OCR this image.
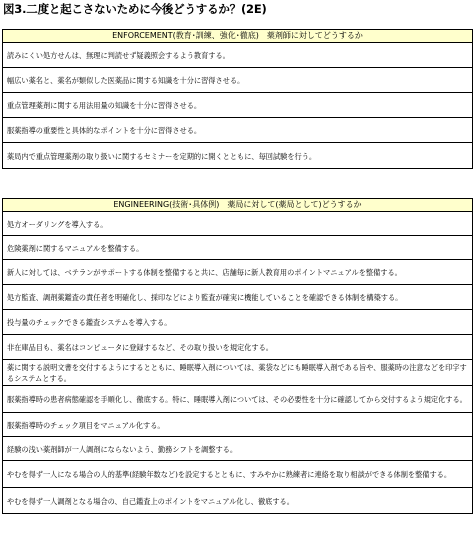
図3.二度と起こさないために今後どうするか？(2E)
ENFORCEMENT(教育･訓練、強化･徹底)　薬剤師に対してどうするか
読みにくい処方せんは、無理に判読せず疑義照会するよう教育する。
幅広い薬名と、薬名が類似した医薬品に関する知識を十分に習得させる。
重点管理薬剤に関する用法用量の知識を十分に習得させる。
服薬指導の重要性と具体的なポイントを十分に習得させる。
薬局内で重点管理薬剤の取り扱いに関するセミナーを定期的に開くとともに、毎回試験を行う。
ENGINEERING(技術･具体例)　薬局に対して(薬局として)どうするか
処方オーダリングを導入する。
危険薬剤に関するマニュアルを整備する。
新人に対しては、ベテランがサポートする体制を整備すると共に、店舗毎に新人教育用のポイントマニュアルを整備する。
処方監査、調剤薬鑑査の責任者を明確化し、採印などにより監査が確実に機能していることを確認できる体制を構築する。
投与量のチェックできる鑑査システムを導入する。
非在庫品目も、薬名はコンピュータに登録するなど、その取り扱いを規定化する。
薬に関する説明文書を交付するようにするとともに、睡眠導入剤については、薬袋などにも睡眠導入剤である旨や、服薬時の注意などを印字するシステムとする。
服薬指導時の患者病態確認を手順化し、徹底する。特に、睡眠導入剤については、その必要性を十分に確認してから交付するよう規定化する。
服薬指導時のチェック項目をマニュアル化する。
経験の浅い薬剤師が一人調剤にならないよう、勤務シフトを調整する。
やむを得ず一人になる場合の人的基準(経験年数など)を設定するとともに、すみやかに熟練者に連絡を取り相談ができる体制を整備する。
やむを得ず一人調剤となる場合の、自己鑑査上のポイントをマニュアル化し、徹底する。
